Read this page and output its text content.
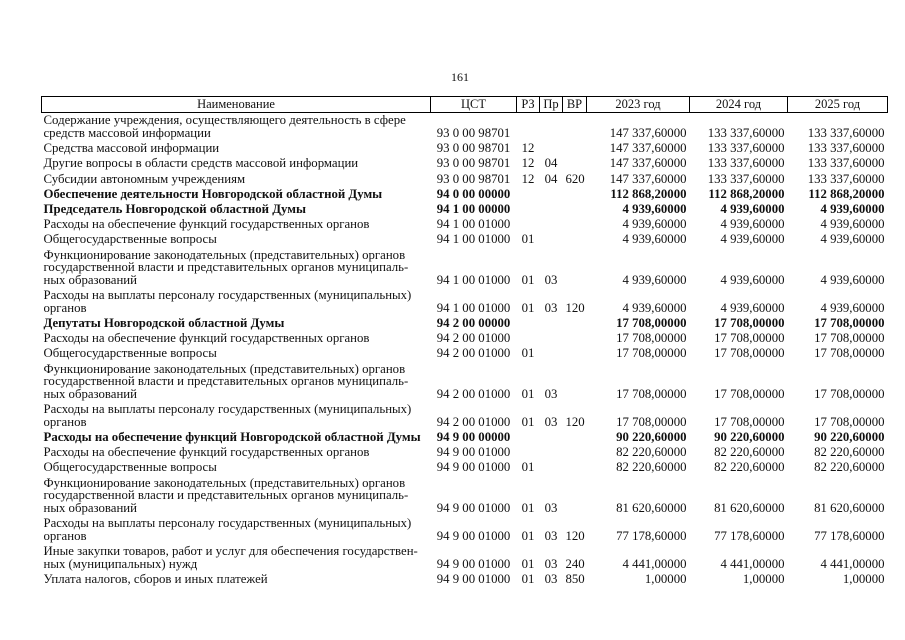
161
Наименование	ЦСТ	РЗ	Пр	ВР	2023 год	2024 год	2025 год

Содержание учреждения, осуществляющего деятельность в сфере
средств массовой информации	93 0 00 98701				147 337,60000	133 337,60000	133 337,60000

Средства массовой информации	93 0 00 98701	12			147 337,60000	133 337,60000	133 337,60000

Другие вопросы в области средств массовой информации	93 0 00 98701	12	04		147 337,60000	133 337,60000	133 337,60000

Субсидии автономным учреждениям	93 0 00 98701	12	04	620	147 337,60000	133 337,60000	133 337,60000

Обеспечение деятельности Новгородской областной Думы	94 0 00 00000				112 868,20000	112 868,20000	112 868,20000

Председатель Новгородской областной Думы	94 1 00 00000				4 939,60000	4 939,60000	4 939,60000

Расходы на обеспечение функций государственных органов	94 1 00 01000				4 939,60000	4 939,60000	4 939,60000

Общегосударственные вопросы	94 1 00 01000	01			4 939,60000	4 939,60000	4 939,60000

Функционирование законодательных (представительных) органов
государственной власти и представительных органов муниципаль-
ных образований	94 1 00 01000	01	03		4 939,60000	4 939,60000	4 939,60000

Расходы на выплаты персоналу государственных (муниципальных)
органов	94 1 00 01000	01	03	120	4 939,60000	4 939,60000	4 939,60000

Депутаты Новгородской областной Думы	94 2 00 00000				17 708,00000	17 708,00000	17 708,00000

Расходы на обеспечение функций государственных органов	94 2 00 01000				17 708,00000	17 708,00000	17 708,00000

Общегосударственные вопросы	94 2 00 01000	01			17 708,00000	17 708,00000	17 708,00000

Функционирование законодательных (представительных) органов
государственной власти и представительных органов муниципаль-
ных образований	94 2 00 01000	01	03		17 708,00000	17 708,00000	17 708,00000

Расходы на выплаты персоналу государственных (муниципальных)
органов	94 2 00 01000	01	03	120	17 708,00000	17 708,00000	17 708,00000

Расходы на обеспечение функций Новгородской областной Думы	94 9 00 00000				90 220,60000	90 220,60000	90 220,60000

Расходы на обеспечение функций государственных органов	94 9 00 01000				82 220,60000	82 220,60000	82 220,60000

Общегосударственные вопросы	94 9 00 01000	01			82 220,60000	82 220,60000	82 220,60000

Функционирование законодательных (представительных) органов
государственной власти и представительных органов муниципаль-
ных образований	94 9 00 01000	01	03		81 620,60000	81 620,60000	81 620,60000

Расходы на выплаты персоналу государственных (муниципальных)
органов	94 9 00 01000	01	03	120	77 178,60000	77 178,60000	77 178,60000

Иные закупки товаров, работ и услуг для обеспечения государствен-
ных (муниципальных) нужд	94 9 00 01000	01	03	240	4 441,00000	4 441,00000	4 441,00000

Уплата налогов, сборов и иных платежей	94 9 00 01000	01	03	850	1,00000	1,00000	1,00000
